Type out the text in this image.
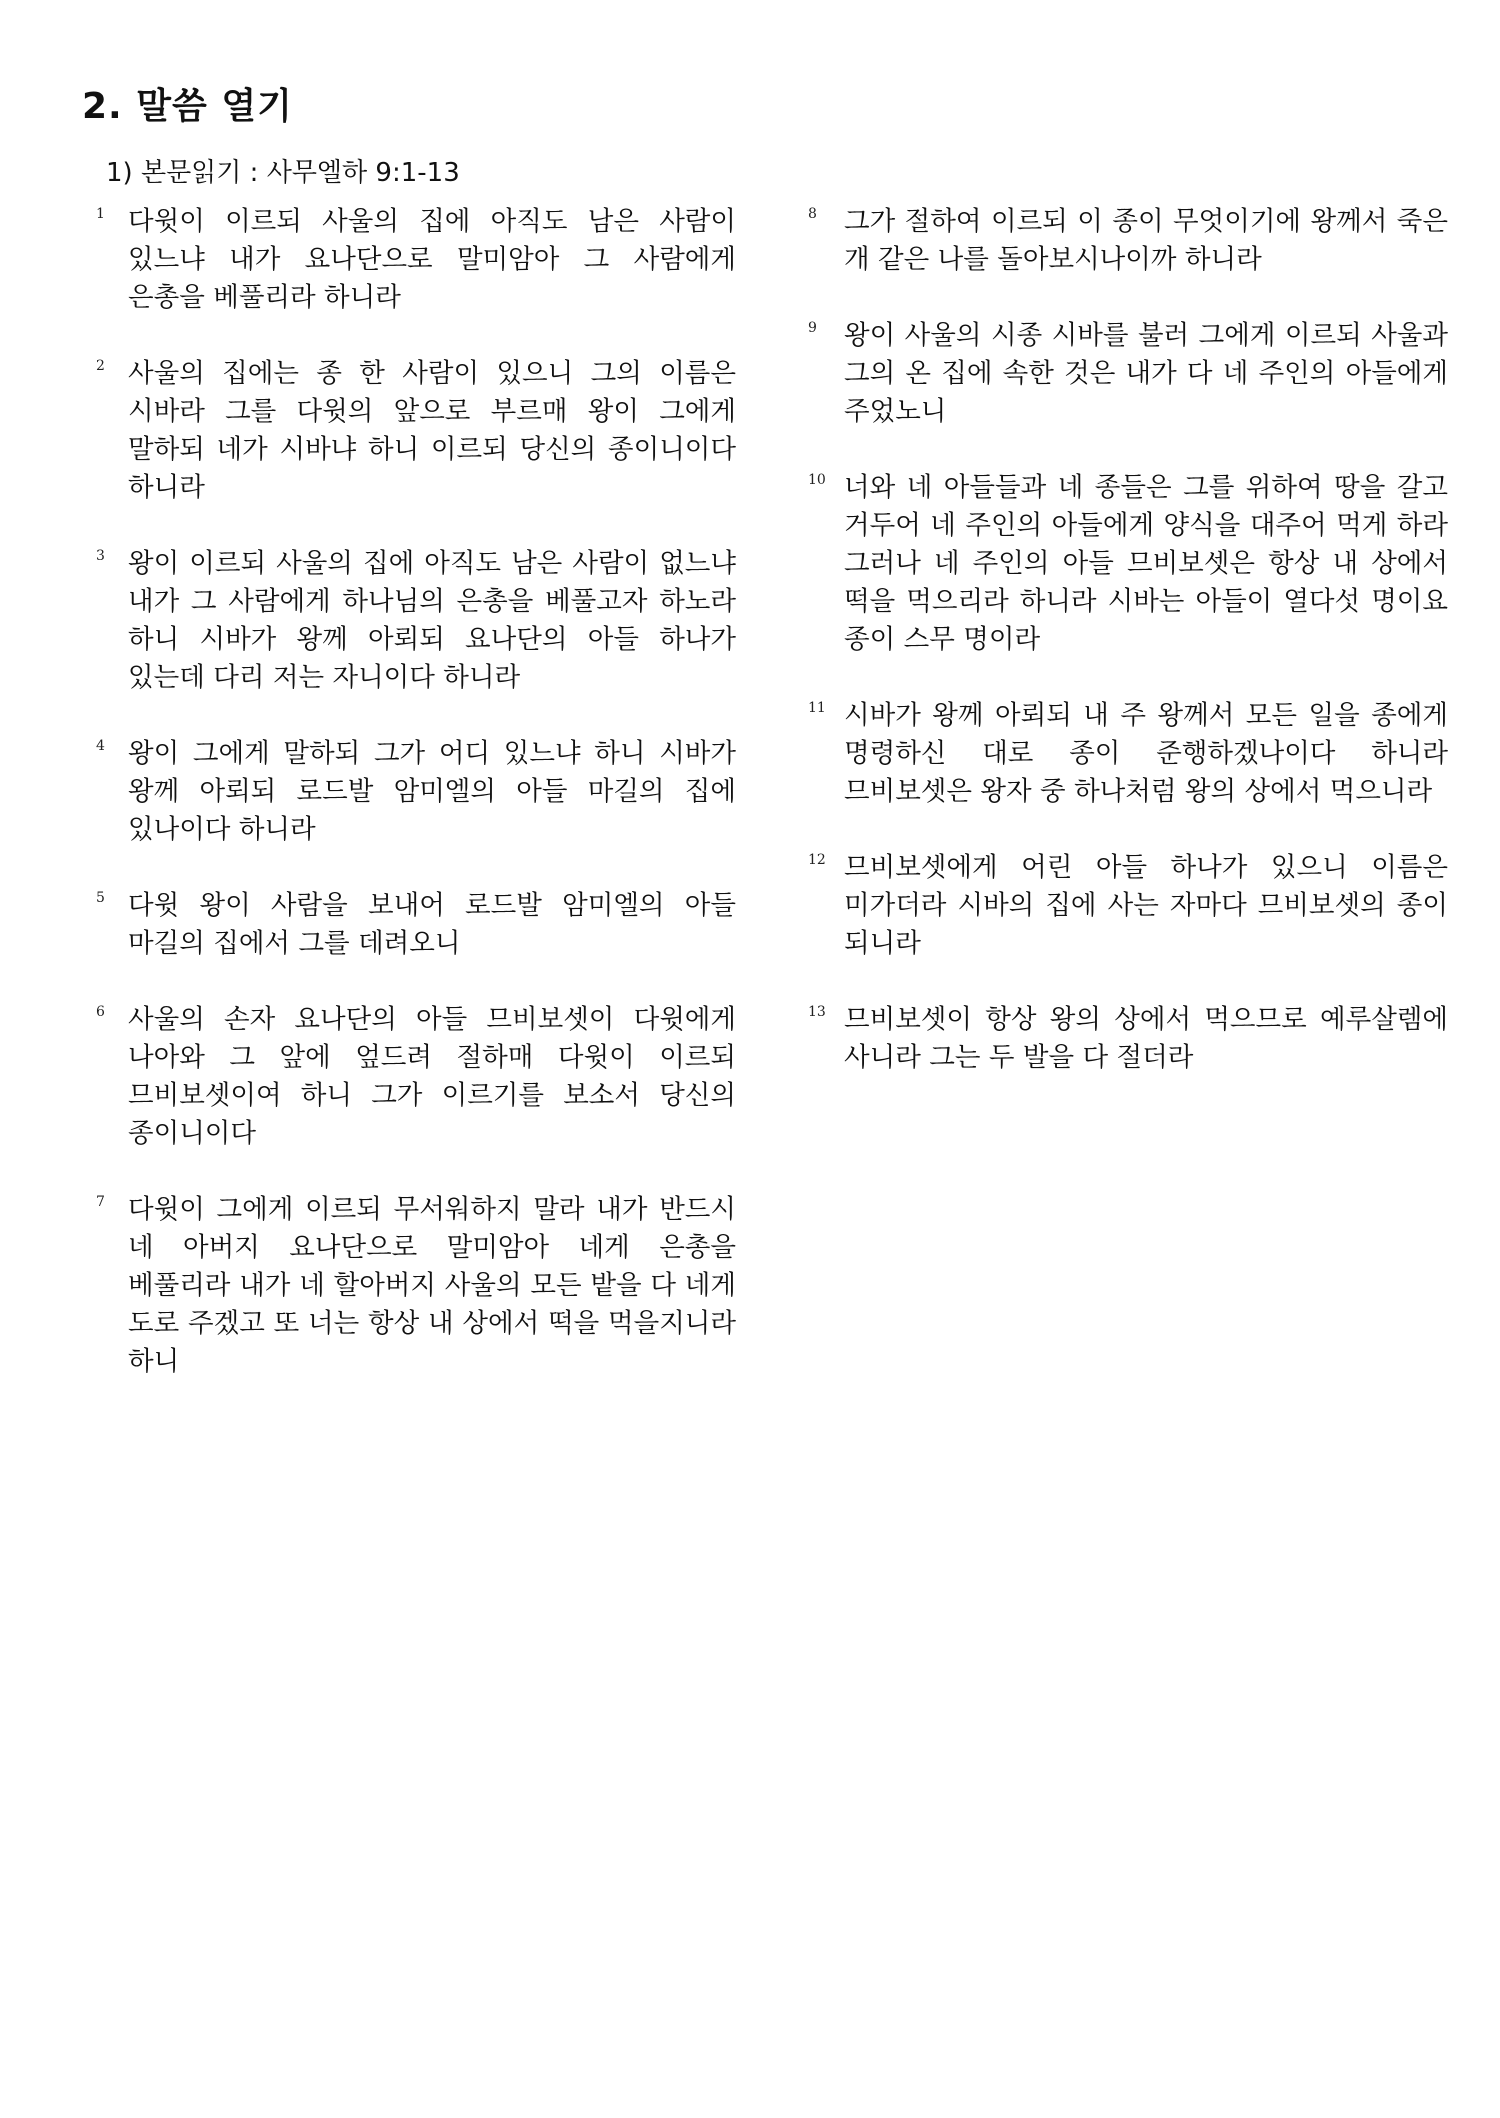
2. 말씀 열기
1) 본문읽기 : 사무엘하 9:1-13

1 다윗이 이르되 사울의 집에 아직도 남은 사람이 있느냐 내가 요나단으로 말미암아 그 사람에게 은총을 베풀리라 하니라

2 사울의 집에는 종 한 사람이 있으니 그의 이름은 시바라 그를 다윗의 앞으로 부르매 왕이 그에게 말하되 네가 시바냐 하니 이르되 당신의 종이니이다 하니라

3 왕이 이르되 사울의 집에 아직도 남은 사람이 없느냐 내가 그 사람에게 하나님의 은총을 베풀고자 하노라 하니 시바가 왕께 아뢰되 요나단의 아들 하나가 있는데 다리 저는 자니이다 하니라

4 왕이 그에게 말하되 그가 어디 있느냐 하니 시바가 왕께 아뢰되 로드발 암미엘의 아들 마길의 집에 있나이다 하니라

5 다윗 왕이 사람을 보내어 로드발 암미엘의 아들 마길의 집에서 그를 데려오니

6 사울의 손자 요나단의 아들 므비보셋이 다윗에게 나아와 그 앞에 엎드려 절하매 다윗이 이르되 므비보셋이여 하니 그가 이르기를 보소서 당신의 종이니이다

7 다윗이 그에게 이르되 무서워하지 말라 내가 반드시 네 아버지 요나단으로 말미암아 네게 은총을 베풀리라 내가 네 할아버지 사울의 모든 밭을 다 네게 도로 주겠고 또 너는 항상 내 상에서 떡을 먹을지니라 하니

8 그가 절하여 이르되 이 종이 무엇이기에 왕께서 죽은 개 같은 나를 돌아보시나이까 하니라

9 왕이 사울의 시종 시바를 불러 그에게 이르되 사울과 그의 온 집에 속한 것은 내가 다 네 주인의 아들에게 주었노니

10 너와 네 아들들과 네 종들은 그를 위하여 땅을 갈고 거두어 네 주인의 아들에게 양식을 대주어 먹게 하라 그러나 네 주인의 아들 므비보셋은 항상 내 상에서 떡을 먹으리라 하니라 시바는 아들이 열다섯 명이요 종이 스무 명이라

11 시바가 왕께 아뢰되 내 주 왕께서 모든 일을 종에게 명령하신 대로 종이 준행하겠나이다 하니라 므비보셋은 왕자 중 하나처럼 왕의 상에서 먹으니라

12 므비보셋에게 어린 아들 하나가 있으니 이름은 미가더라 시바의 집에 사는 자마다 므비보셋의 종이 되니라

13 므비보셋이 항상 왕의 상에서 먹으므로 예루살렘에 사니라 그는 두 발을 다 절더라
